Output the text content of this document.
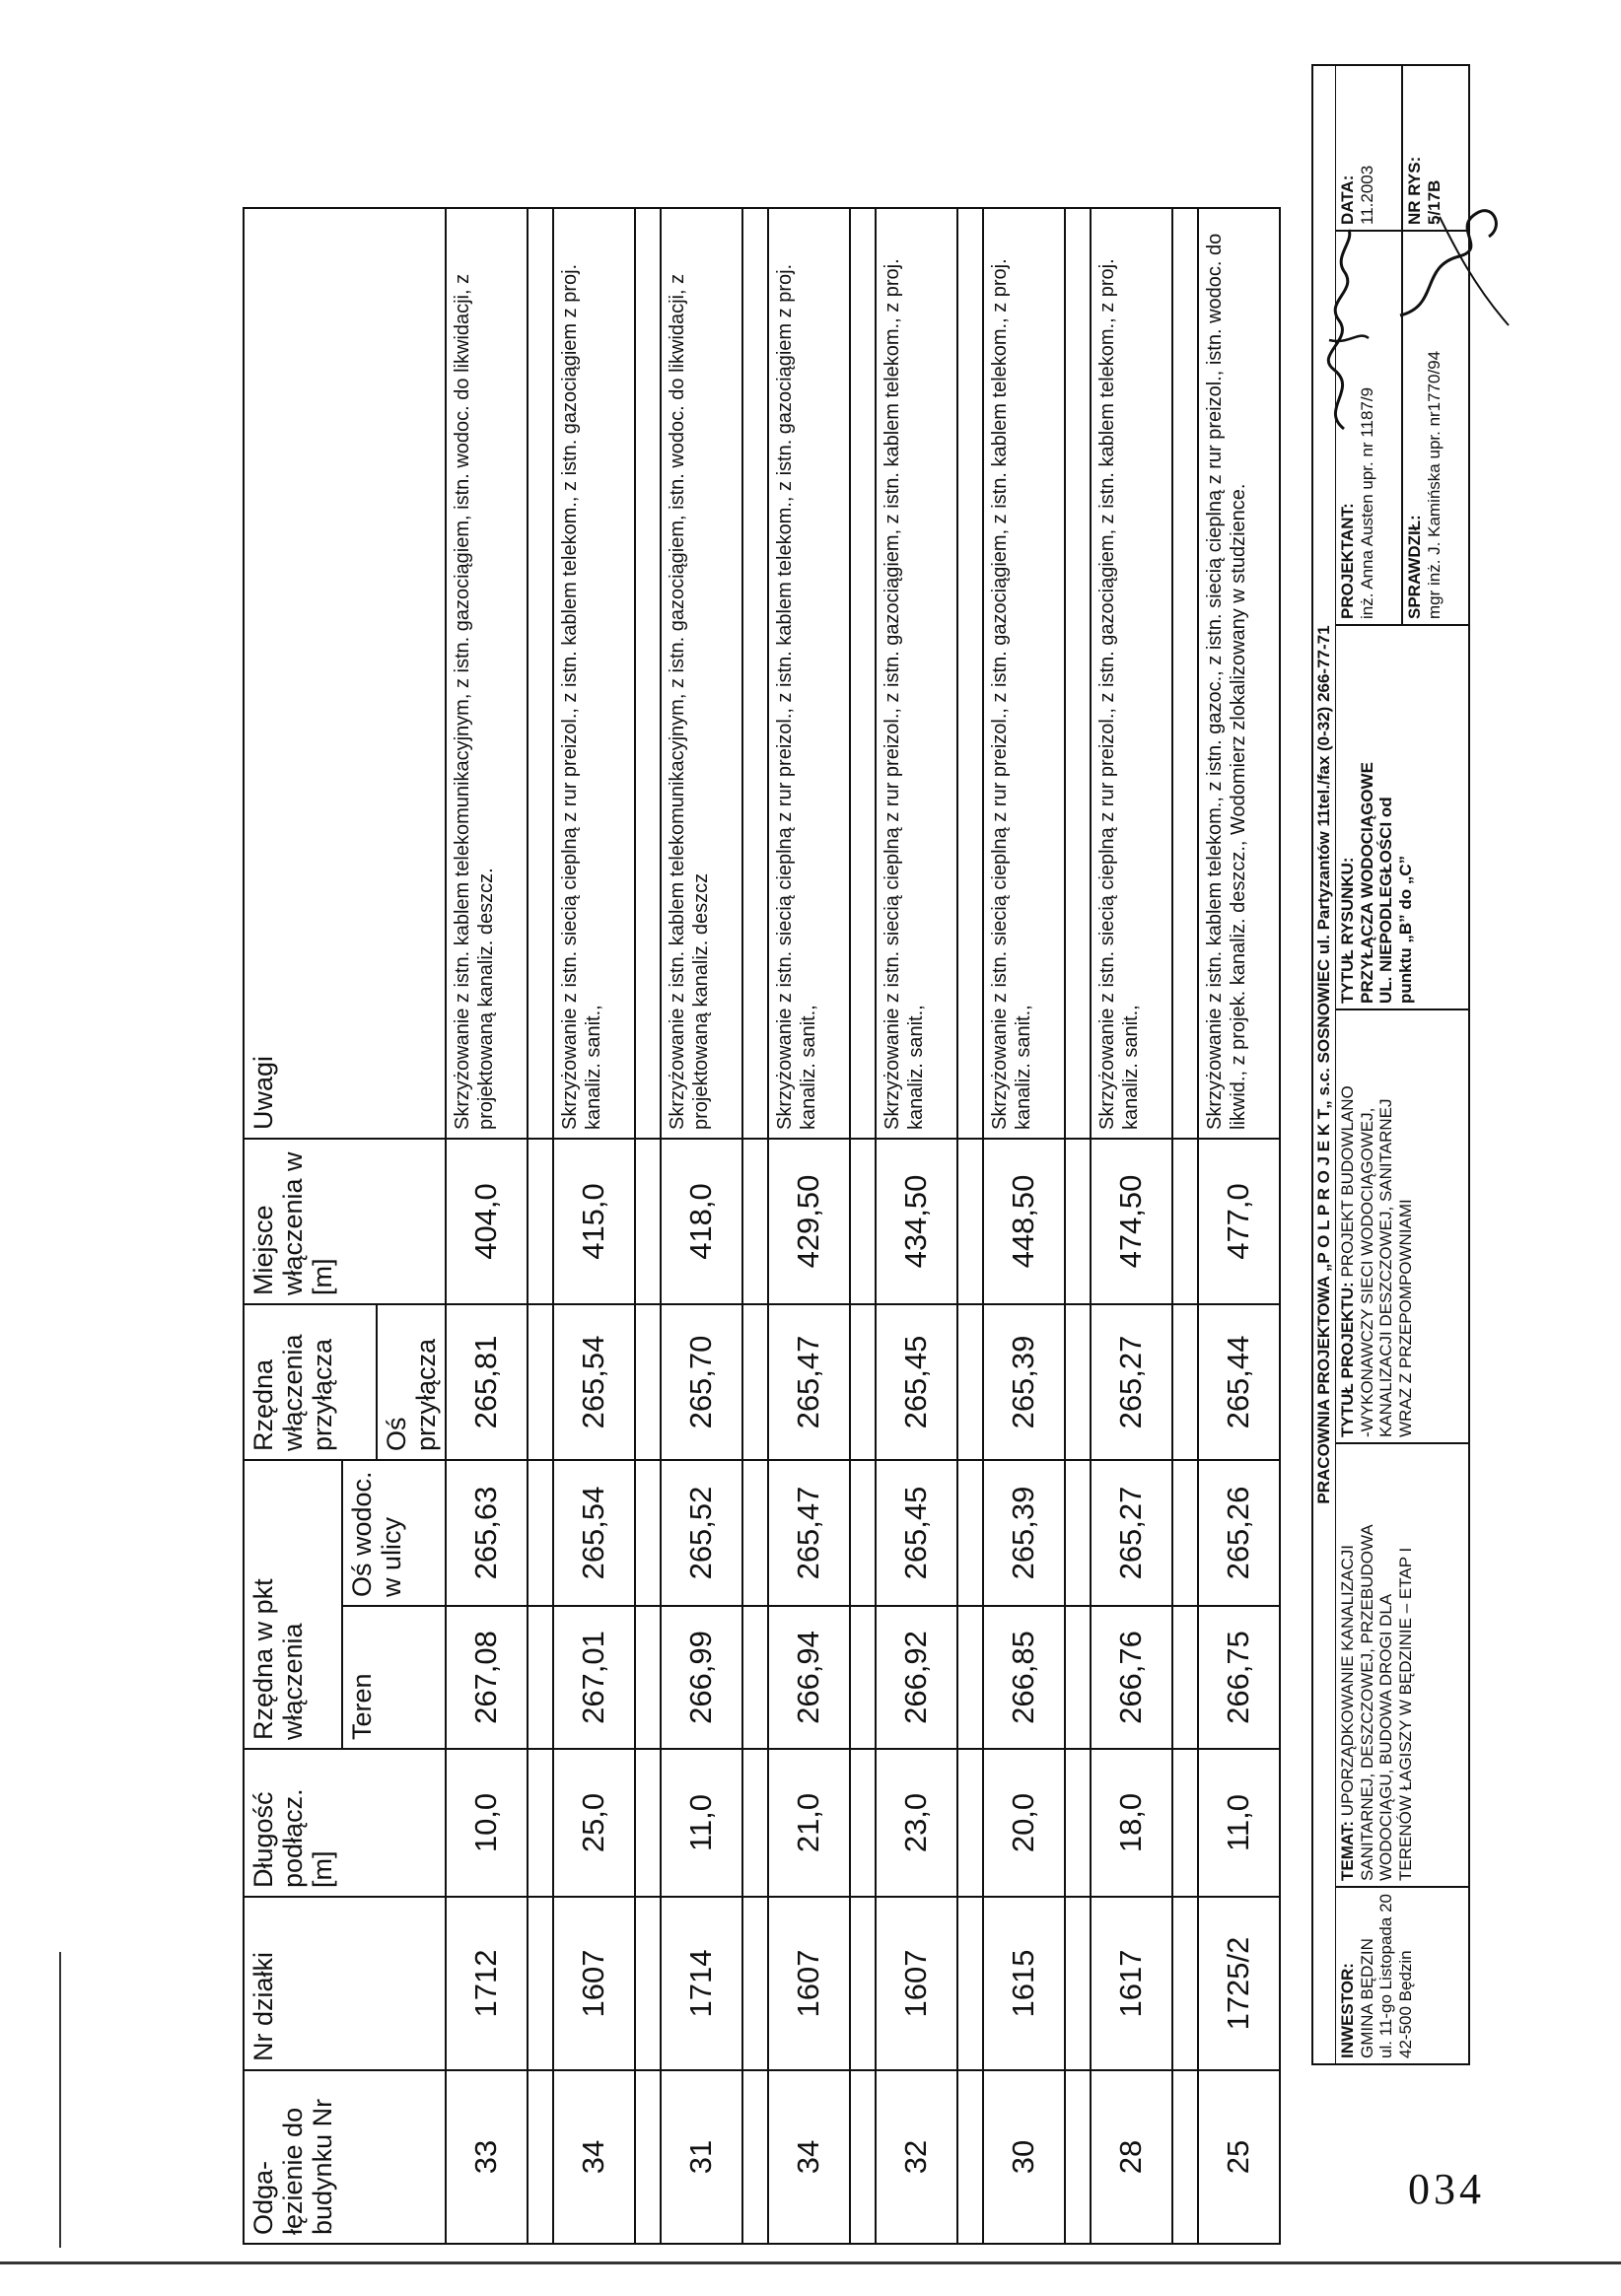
Odga-łęzienie do budynku Nr	Nr działki	Długość podłącz. [m]	Rzędna w pkt włączenia		Rzędna włączenia przyłącza	Miejsce włączenia w [m]	Uwagi
			Teren	Oś wodoc. w ulicy			
					Oś przyłącza		
33	1712	10,0	267,08	265,63	265,81	404,0	Skrzyżowanie z istn. kablem telekomunikacyjnym, z istn. gazociągiem, istn. wodoc. do likwidacji, z projektowaną kanaliz. deszcz.

34	1607	25,0	267,01	265,54	265,54	415,0	Skrzyżowanie z istn. siecią cieplną z rur preizol., z istn. kablem telekom., z istn. gazociągiem z proj. kanaliz. sanit.,

31	1714	11,0	266,99	265,52	265,70	418,0	Skrzyżowanie z istn. kablem telekomunikacyjnym, z istn. gazociągiem, istn. wodoc. do likwidacji, z projektowaną kanaliz. deszcz

34	1607	21,0	266,94	265,47	265,47	429,50	Skrzyżowanie z istn. siecią cieplną z rur preizol., z istn. kablem telekom., z istn. gazociągiem z proj. kanaliz. sanit.,

32	1607	23,0	266,92	265,45	265,45	434,50	Skrzyżowanie z istn. siecią cieplną z rur preizol., z istn. gazociągiem, z istn. kablem telekom., z proj. kanaliz. sanit.,

30	1615	20,0	266,85	265,39	265,39	448,50	Skrzyżowanie z istn. siecią cieplną z rur preizol., z istn. gazociągiem, z istn. kablem telekom., z proj. kanaliz. sanit.,

28	1617	18,0	266,76	265,27	265,27	474,50	Skrzyżowanie z istn. siecią cieplną z rur preizol., z istn. gazociągiem, z istn. kablem telekom., z proj. kanaliz. sanit.,

25	1725/2	11,0	266,75	265,26	265,44	477,0	Skrzyżowanie z istn. kablem telekom., z istn. gazoc., z istn. siecią cieplną z rur preizol., istn. wodoc. do likwid., z projek. kanaliz. deszcz., Wodomierz zlokalizowany w studzience.	PRACOWNIA PROJEKTOWA „P O L P R O J E K T„ s.c. SOSNOWIEC ul. Partyzantów 11tel./fax (0-32) 266-77-71
INWESTOR: GMINA BĘDZIN ul. 11-go Listopada 20 42-500 Będzin
TEMAT: UPORZĄDKOWANIE KANALIZACJI SANITARNEJ, DESZCZOWEJ, PRZEBUDOWA WODOCIĄGU, BUDOWA DROGI DLA TERENÓW ŁAGISZY W BĘDZINIE – ETAP I
TYTUŁ PROJEKTU: PROJEKT BUDOWLANO -WYKONAWCZY SIECI WODOCIĄGOWEJ, KANALIZACJI DESZCZOWEJ, SANITARNEJ WRAZ Z PRZEPOMPOWNIAMI
TYTUŁ RYSUNKU: PRZYŁĄCZA WODOCIĄGOWE UL. NIEPODLEGŁOŚCI od punktu „B” do „C”
PROJEKTANT: inż. Anna Austen upr. nr 1187/9 SPRAWDZIŁ: mgr inż. J. Kamińska upr. nr1770/94
DATA: 11.2003 NR RYS: 5/17B
034
